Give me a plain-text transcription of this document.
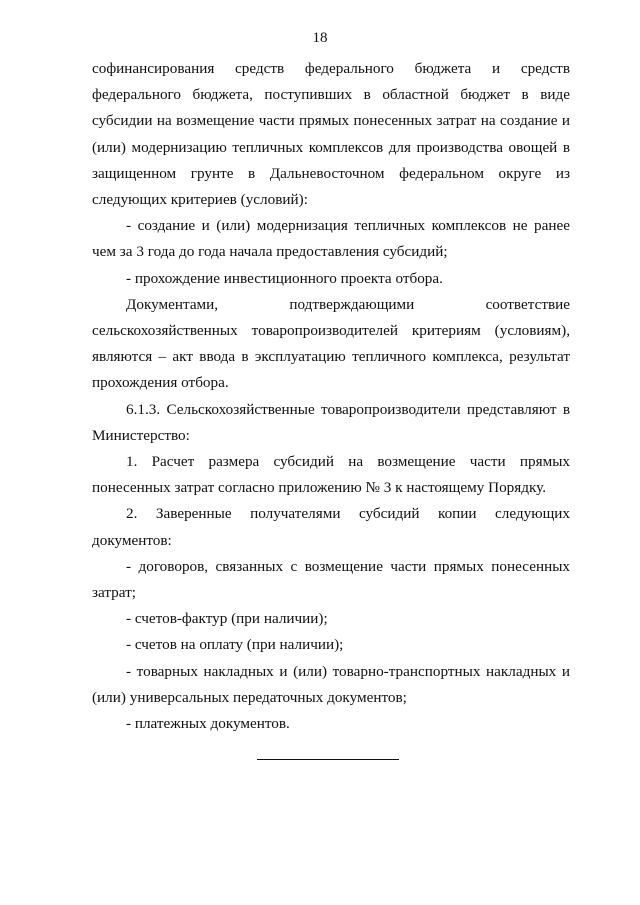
18

софинансирования средств федерального бюджета и средств федерального бюджета, поступивших в областной бюджет в виде субсидии на возмещение части прямых понесенных затрат на создание и (или) модернизацию тепличных комплексов для производства овощей в защищенном грунте в Дальневосточном федеральном округе из следующих критериев (условий):

- создание и (или) модернизация тепличных комплексов не ранее чем за 3 года до года начала предоставления субсидий;

- прохождение инвестиционного проекта отбора.

Документами, подтверждающими соответствие сельскохозяйственных товаропроизводителей критериям (условиям), являются – акт ввода в эксплуатацию тепличного комплекса, результат прохождения отбора.

6.1.3. Сельскохозяйственные товаропроизводители представляют в Министерство:

1. Расчет размера субсидий на возмещение части прямых понесенных затрат согласно приложению № 3 к настоящему Порядку.

2. Заверенные получателями субсидий копии следующих документов:

- договоров, связанных с возмещение части прямых понесенных затрат;

- счетов-фактур (при наличии);

- счетов на оплату (при наличии);

- товарных накладных и (или) товарно-транспортных накладных и (или) универсальных передаточных документов;

- платежных документов.
